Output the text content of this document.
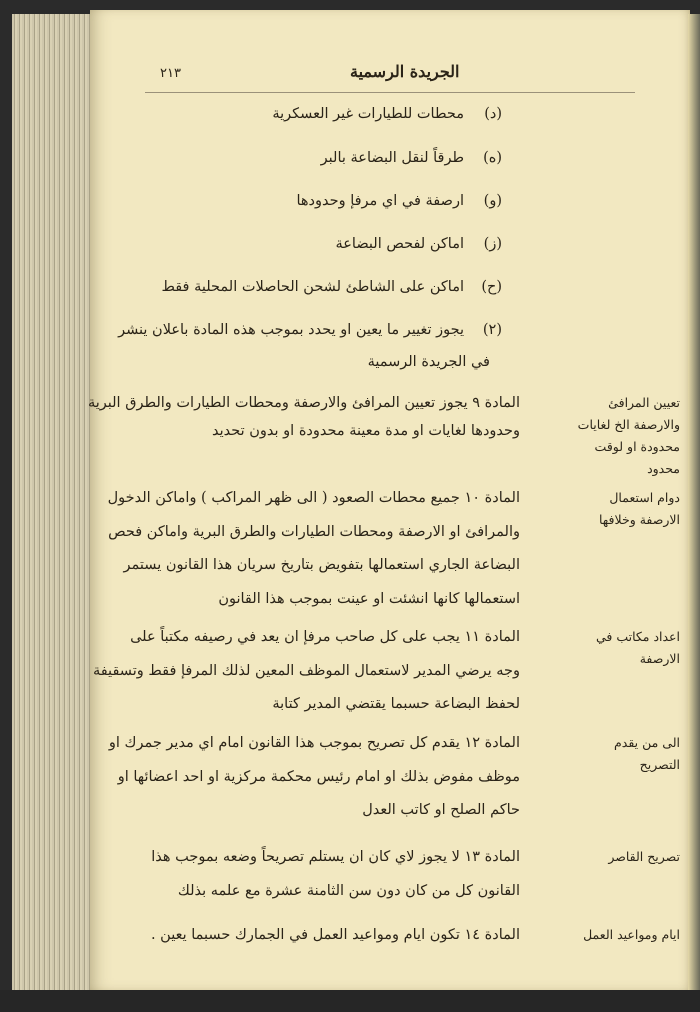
الجريدة الرسمية
٢١٣
(د)
محطات للطيارات غير العسكرية
(ه)
طرقاً لنقل البضاعة بالبر
(و)
ارصفة في اي مرفإ وحدودها
(ز)
اماكن لفحص البضاعة
(ح)
اماكن على الشاطئ لشحن الحاصلات المحلية فقط
(٢)
يجوز تغيير ما يعين او يحدد بموجب هذه المادة باعلان ينشر
في الجريدة الرسمية
تعيين المرافئ
والارصفة الخ لغايات
محدودة او لوقت
محدود
المادة ٩ يجوز تعيين المرافئ والارصفة ومحطات الطيارات والطرق البرية
وحدودها لغايات او مدة معينة محدودة او بدون تحديد
دوام استعمال
الارصفة وخلافها
المادة ١٠ جميع محطات الصعود ( الى ظهر المراكب ) واماكن الدخول
والمرافئ او الارصفة ومحطات الطيارات والطرق البرية واماكن فحص
البضاعة الجاري استعمالها بتفويض بتاريخ سريان هذا القانون يستمر
استعمالها كانها انشئت او عينت بموجب هذا القانون
اعداد مكاتب في
الارصفة
المادة ١١ يجب على كل صاحب مرفإ ان يعد في رصيفه مكتباً على
وجه يرضي المدير لاستعمال الموظف المعين لذلك المرفإ فقط وتسقيفة
لحفظ البضاعة حسبما يقتضي المدير كتابة
الى من يقدم
التصريح
المادة ١٢ يقدم كل تصريح بموجب هذا القانون امام اي مدير جمرك او
موظف مفوض بذلك او امام رئيس محكمة مركزية او احد اعضائها او
حاكم الصلح او كاتب العدل
تصريح القاصر
المادة ١٣ لا يجوز لاي كان ان يستلم تصريحاً وضعه بموجب هذا
القانون كل من كان دون سن الثامنة عشرة مع علمه بذلك
ايام ومواعيد العمل
المادة ١٤ تكون ايام ومواعيد العمل في الجمارك حسبما يعين .
